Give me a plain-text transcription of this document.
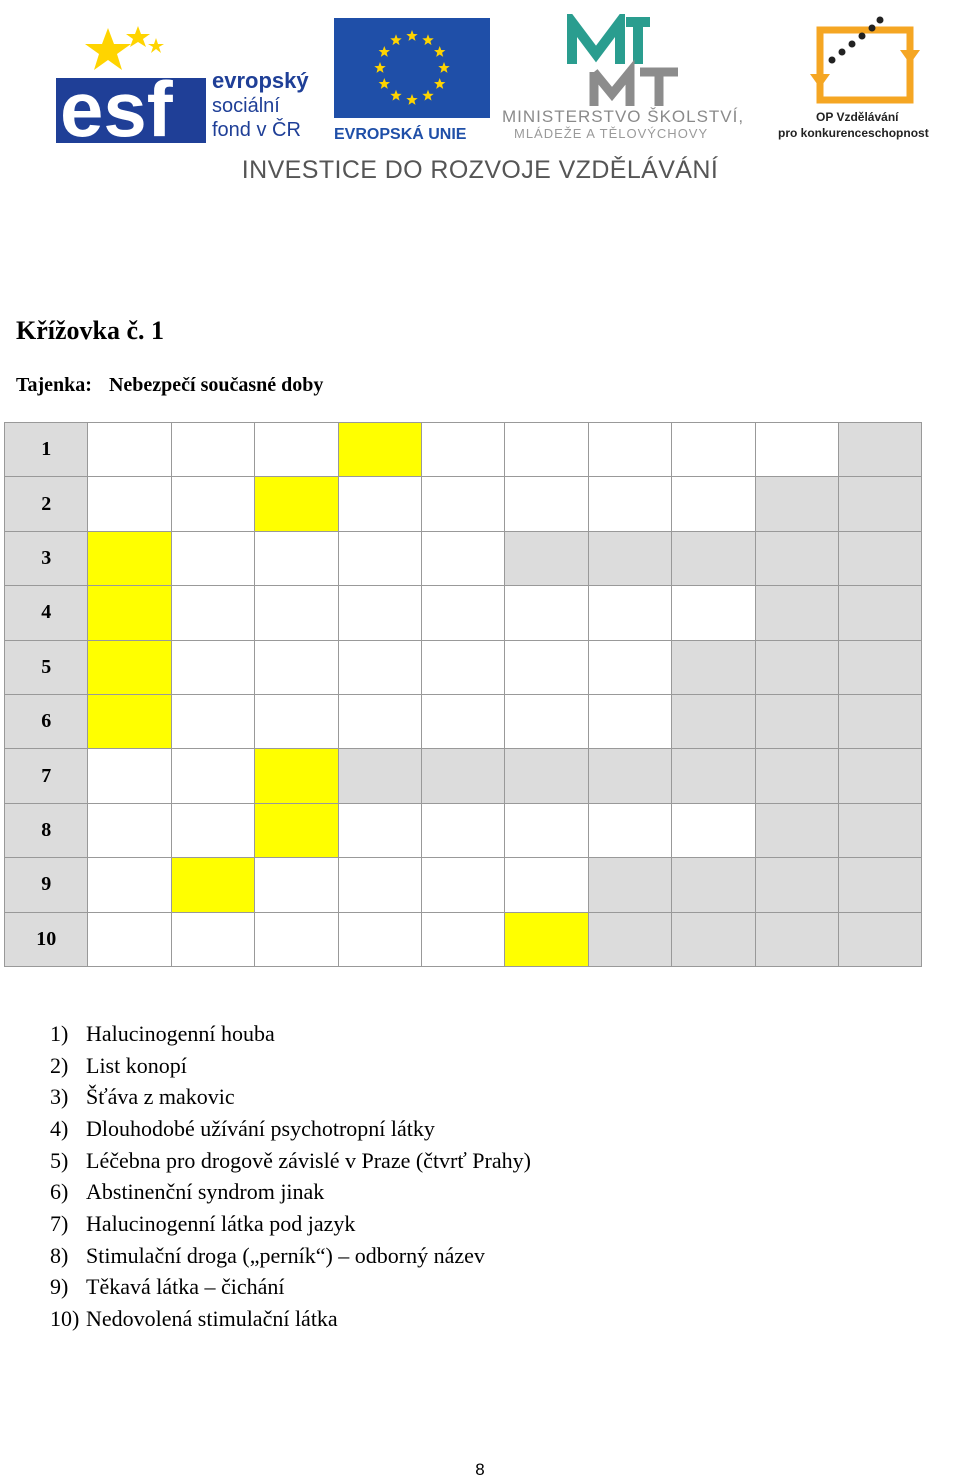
esf evropský
sociální
fond v ČR EVROPSKÁ UNIE
MINISTERSTVO ŠKOLSTVÍ,
MLÁDEŽE A TĚLOVÝCHOVY
OP Vzdělávání
pro konkurenceschopnost
INVESTICE DO ROZVOJE VZDĚLÁVÁNÍ
Křížovka č. 1
Tajenka: Nebezpečí současné doby
1										
2										
3										
4										
5										
6										
7										
8										
9										
10										
1) Halucinogenní houba
2) List konopí
3) Šťáva z makovic
4) Dlouhodobé užívání psychotropní látky
5) Léčebna pro drogově závislé v Praze (čtvrť Prahy)
6) Abstinenční syndrom jinak
7) Halucinogenní látka pod jazyk
8) Stimulační droga („perník“) – odborný název
9) Těkavá látka – čichání
10) Nedovolená stimulační látka
8
